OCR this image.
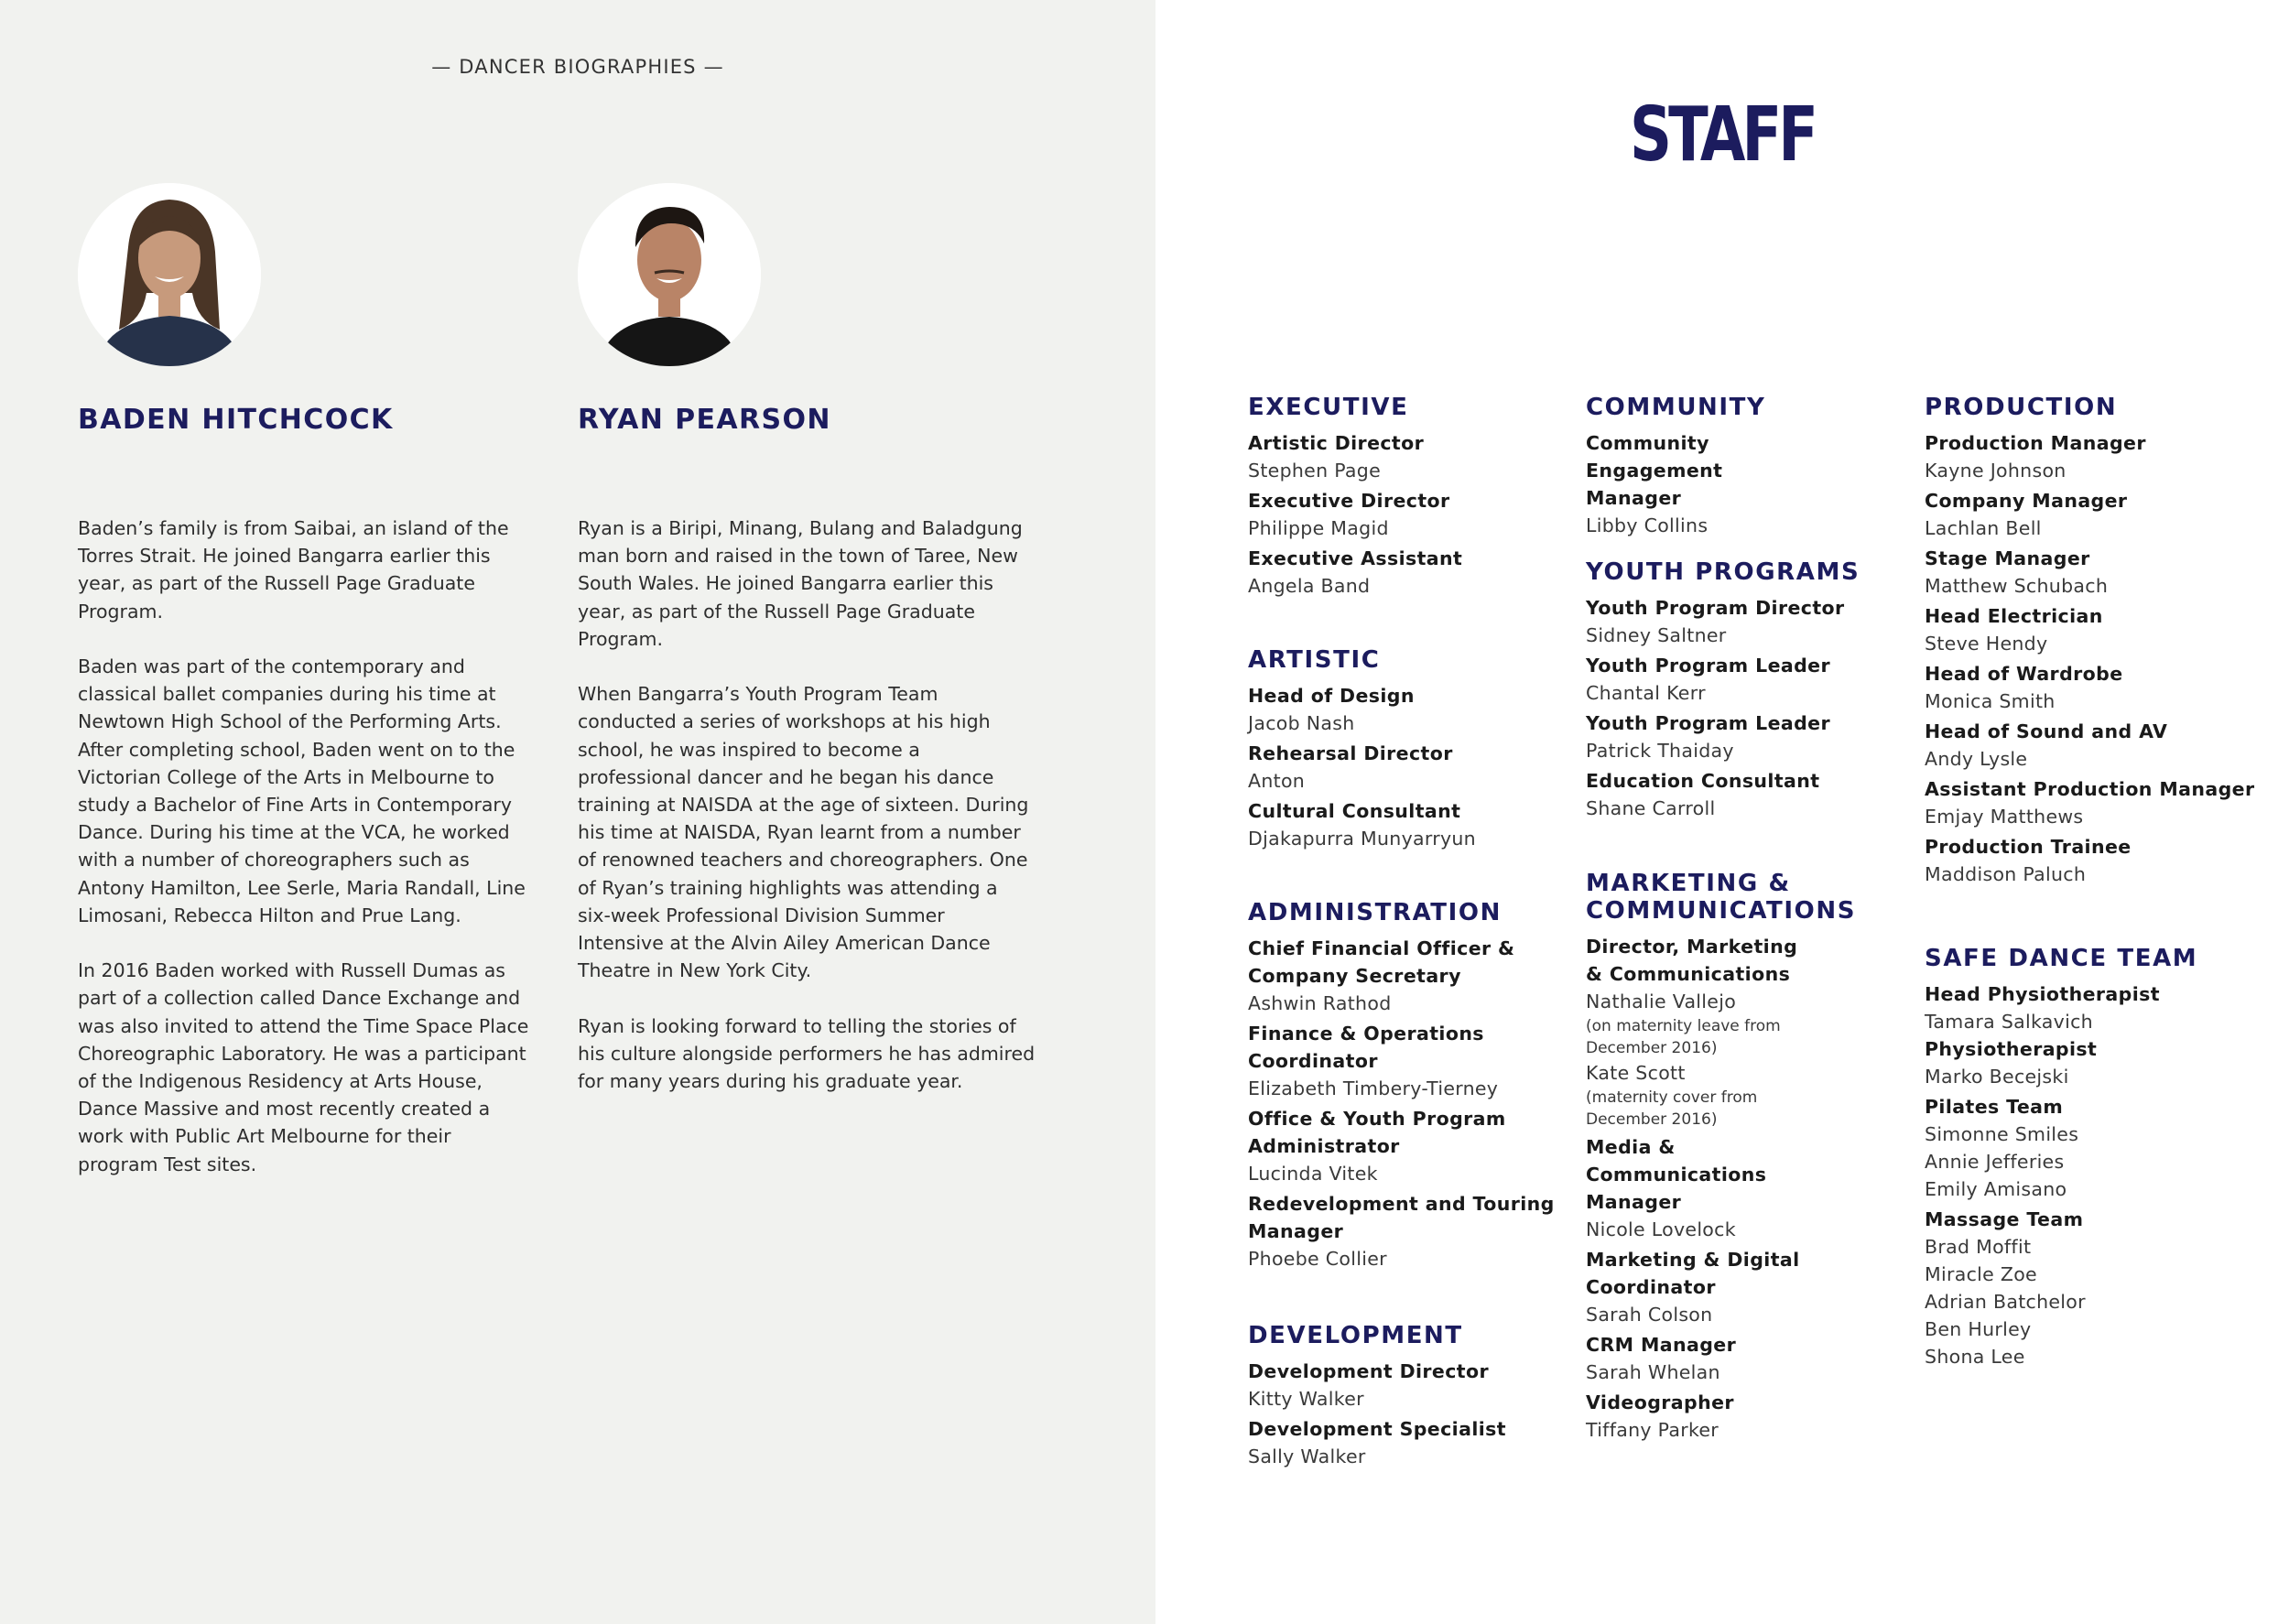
— DANCER BIOGRAPHIES —
BADEN HITCHCOCK

Baden’s family is from Saibai, an island of the Torres Strait. He joined Bangarra earlier this year, as part of the Russell Page Graduate Program.

Baden was part of the contemporary and classical ballet companies during his time at Newtown High School of the Performing Arts. After completing school, Baden went on to the Victorian College of the Arts in Melbourne to study a Bachelor of Fine Arts in Contemporary Dance. During his time at the VCA, he worked with a number of choreographers such as Antony Hamilton, Lee Serle, Maria Randall, Line Limosani, Rebecca Hilton and Prue Lang.

In 2016 Baden worked with Russell Dumas as part of a collection called Dance Exchange and was also invited to attend the Time Space Place Choreographic Laboratory. He was a participant of the Indigenous Residency at Arts House, Dance Massive and most recently created a work with Public Art Melbourne for their program Test sites.

RYAN PEARSON

Ryan is a Biripi, Minang, Bulang and Baladgung man born and raised in the town of Taree, New South Wales. He joined Bangarra earlier this year, as part of the Russell Page Graduate Program.

When Bangarra’s Youth Program Team conducted a series of workshops at his high school, he was inspired to become a professional dancer and he began his dance training at NAISDA at the age of sixteen. During his time at NAISDA, Ryan learnt from a number of renowned teachers and choreographers. One of Ryan’s training highlights was attending a six-week Professional Division Summer Intensive at the Alvin Ailey American Dance Theatre in New York City.

Ryan is looking forward to telling the stories of his culture alongside performers he has admired for many years during his graduate year.

STAFF
EXECUTIVE
Artistic Director
Stephen Page
Executive Director
Philippe Magid
Executive Assistant
Angela Band
ARTISTIC
Head of Design
Jacob Nash
Rehearsal Director
Anton
Cultural Consultant
Djakapurra Munyarryun
ADMINISTRATION
Chief Financial Officer & Company Secretary
Ashwin Rathod
Finance & Operations Coordinator
Elizabeth Timbery-Tierney
Office & Youth Program Administrator
Lucinda Vitek
Redevelopment and Touring Manager
Phoebe Collier
DEVELOPMENT
Development Director
Kitty Walker
Development Specialist
Sally Walker
COMMUNITY
Community Engagement Manager
Libby Collins
YOUTH PROGRAMS
Youth Program Director
Sidney Saltner
Youth Program Leader
Chantal Kerr
Youth Program Leader
Patrick Thaiday
Education Consultant
Shane Carroll
MARKETING & COMMUNICATIONS
Director, Marketing & Communications
Nathalie Vallejo
(on maternity leave from December 2016)
Kate Scott
(maternity cover from December 2016)
Media & Communications Manager
Nicole Lovelock
Marketing & Digital Coordinator
Sarah Colson
CRM Manager
Sarah Whelan
Videographer
Tiffany Parker
PRODUCTION
Production Manager
Kayne Johnson
Company Manager
Lachlan Bell
Stage Manager
Matthew Schubach
Head Electrician
Steve Hendy
Head of Wardrobe
Monica Smith
Head of Sound and AV
Andy Lysle
Assistant Production Manager
Emjay Matthews
Production Trainee
Maddison Paluch
SAFE DANCE TEAM
Head Physiotherapist
Tamara Salkavich
Physiotherapist
Marko Becejski
Pilates Team
Simonne Smiles
Annie Jefferies
Emily Amisano
Massage Team
Brad Moffit
Miracle Zoe
Adrian Batchelor
Ben Hurley
Shona Lee
